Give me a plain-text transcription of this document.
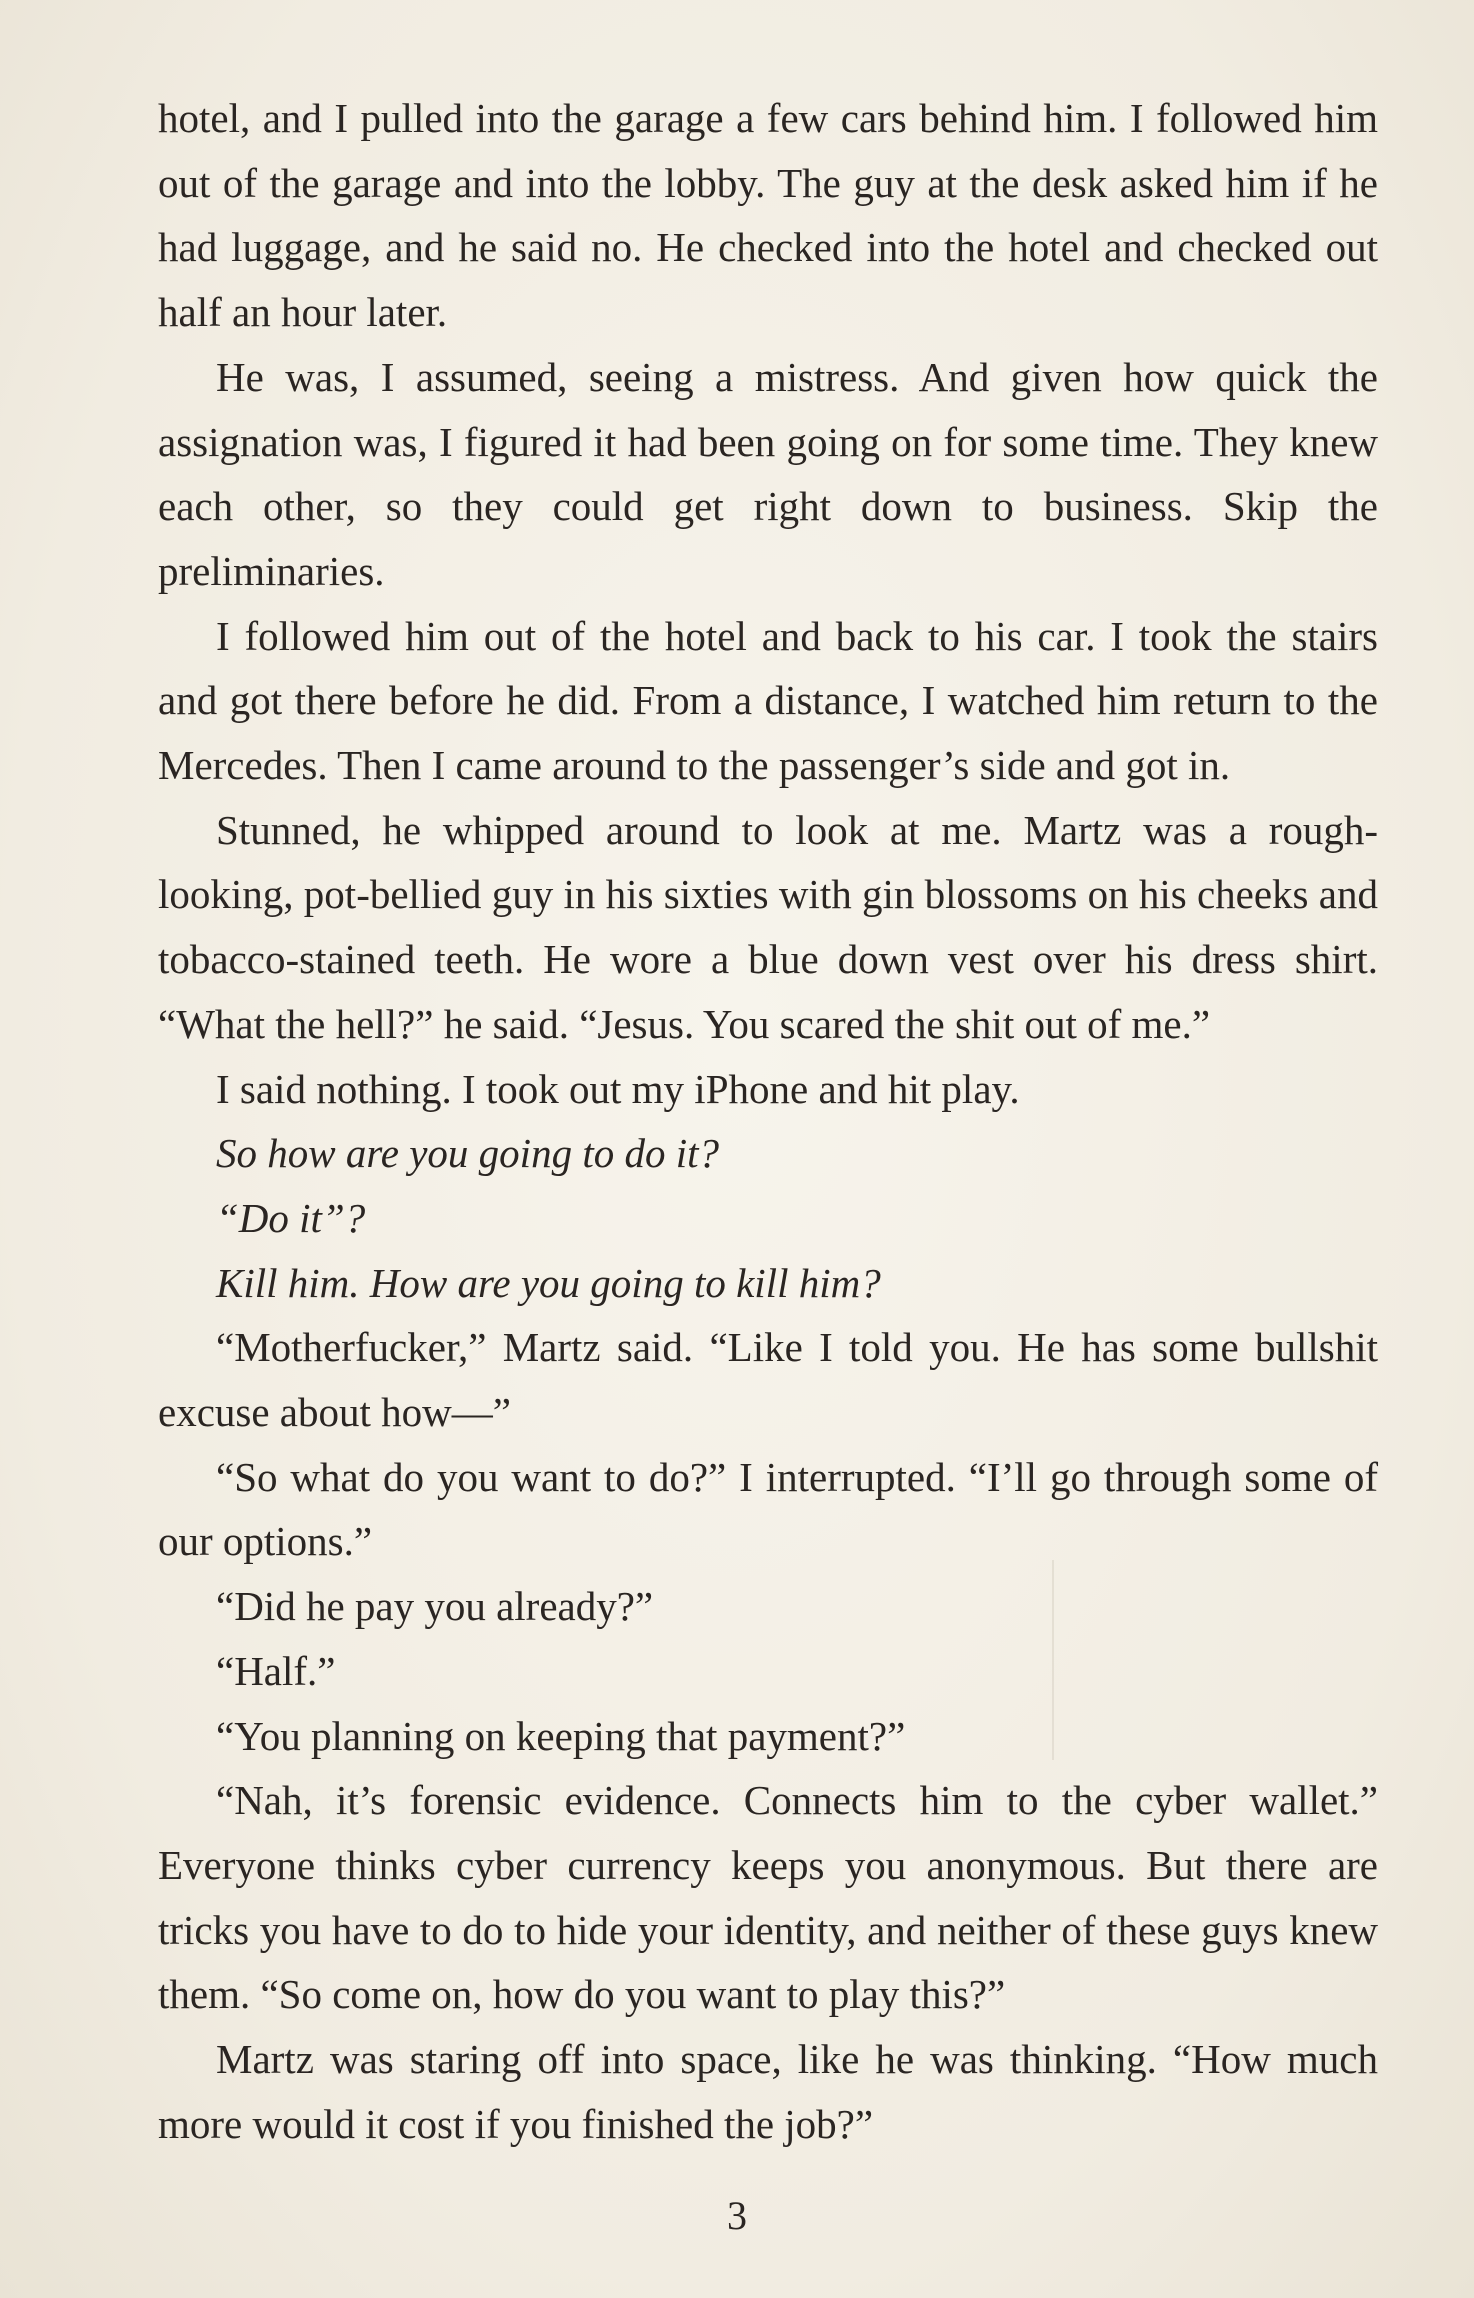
hotel, and I pulled into the garage a few cars behind him. I followed him out of the garage and into the lobby. The guy at the desk asked him if he had luggage, and he said no. He checked into the hotel and checked out half an hour later.

He was, I assumed, seeing a mistress. And given how quick the assignation was, I figured it had been going on for some time. They knew each other, so they could get right down to business. Skip the preliminaries.

I followed him out of the hotel and back to his car. I took the stairs and got there before he did. From a distance, I watched him return to the Mercedes. Then I came around to the passenger’s side and got in.

Stunned, he whipped around to look at me. Martz was a rough-looking, pot-bellied guy in his sixties with gin blossoms on his cheeks and tobacco-stained teeth. He wore a blue down vest over his dress shirt. “What the hell?” he said. “Jesus. You scared the shit out of me.”

I said nothing. I took out my iPhone and hit play.

So how are you going to do it?

“Do it”?

Kill him. How are you going to kill him?

“Motherfucker,” Martz said. “Like I told you. He has some bullshit excuse about how—”

“So what do you want to do?” I interrupted. “I’ll go through some of our options.”

“Did he pay you already?”

“Half.”

“You planning on keeping that payment?”

“Nah, it’s forensic evidence. Connects him to the cyber wallet.” Everyone thinks cyber currency keeps you anonymous. But there are tricks you have to do to hide your identity, and neither of these guys knew them. “So come on, how do you want to play this?”

Martz was staring off into space, like he was thinking. “How much more would it cost if you finished the job?”

3
